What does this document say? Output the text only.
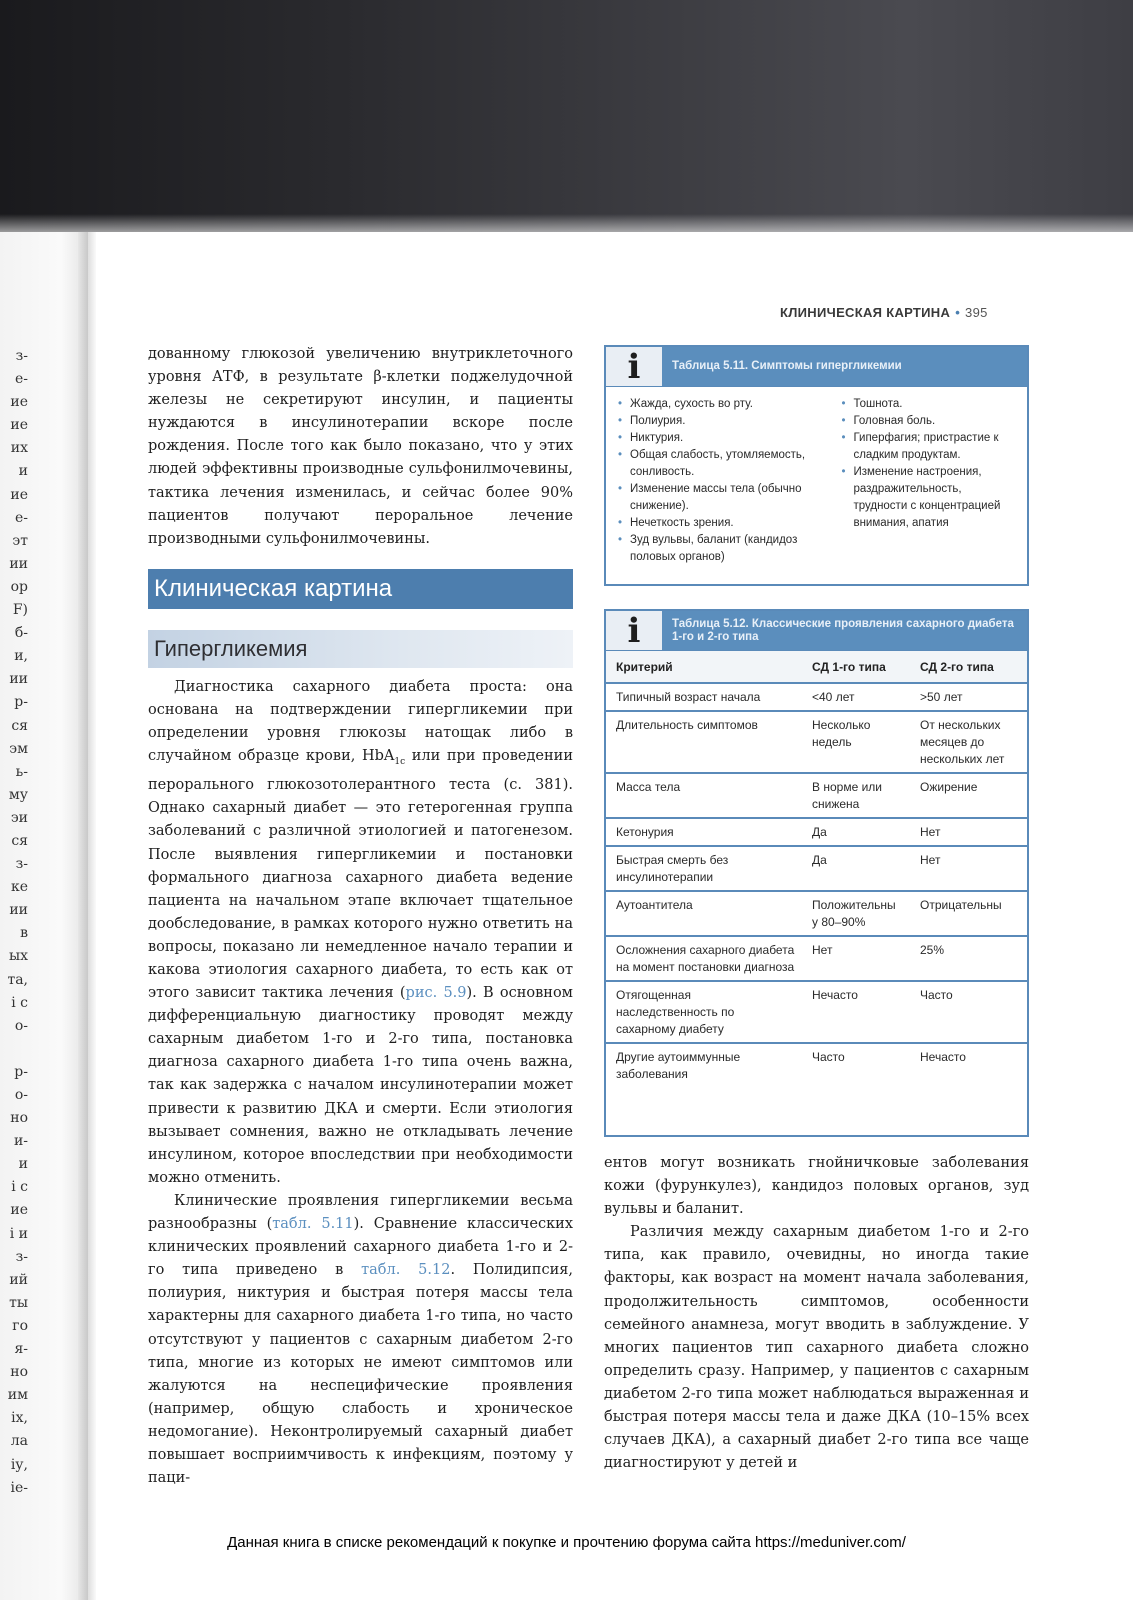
з-
е-
ие
ие
их
и
ие
е-
эт
ии
ор
F)
б-
и,
ии
р-
ся
эм
ь-
му
эи
ся
з-
ке
ии
в
ых
та,
і с
о-
р-
о-
но
и-
и
і с
ие
і и
з-
ий
ты
го
я-
но
им
іх,
ла
іу,
іе-
КЛИНИЧЕСКАЯ КАРТИНА • 395

дованному глюкозой увеличению внутриклеточного уровня АТФ, в результате β-клетки поджелудочной железы не секретируют инсулин, и пациенты нуждаются в инсулинотерапии вскоре после рождения. После того как было показано, что у этих людей эффективны производные сульфонилмочевины, тактика лечения изменилась, и сейчас более 90% пациентов получают пероральное лечение производными сульфонилмочевины.

Клиническая картина
Гипергликемия

Диагностика сахарного диабета проста: она основана на подтверждении гипергликемии при определении уровня глюкозы натощак либо в случайном образце крови, HbA$_{1c}$ или при проведении перорального глюкозотолерантного теста (с. 381). Однако сахарный диабет — это гетерогенная группа заболеваний с различной этиологией и патогенезом. После выявления гипергликемии и постановки формального диагноза сахарного диабета ведение пациента на начальном этапе включает тщательное дообследование, в рамках которого нужно ответить на вопросы, показано ли немедленное начало терапии и какова этиология сахарного диабета, то есть как от этого зависит тактика лечения (рис. 5.9). В основном дифференциальную диагностику проводят между сахарным диабетом 1-го и 2-го типа, постановка диагноза сахарного диабета 1-го типа очень важна, так как задержка с началом инсулинотерапии может привести к развитию ДКА и смерти. Если этиология вызывает сомнения, важно не откладывать лечение инсулином, которое впоследствии при необходимости можно отменить.

Клинические проявления гипергликемии весьма разнообразны (табл. 5.11). Сравнение классических клинических проявлений сахарного диабета 1-го и 2-го типа приведено в табл. 5.12. Полидипсия, полиурия, никтурия и быстрая потеря массы тела характерны для сахарного диабета 1-го типа, но часто отсутствуют у пациентов с сахарным диабетом 2-го типа, многие из которых не имеют симптомов или жалуются на неспецифические проявления (например, общую слабость и хроническое недомогание). Неконтролируемый сахарный диабет повышает восприимчивость к инфекциям, поэтому у паци-

i	Таблица 5.11. Симптомы гипергликемии
• Жажда, сухость во рту.
• Полиурия.
• Никтурия.
• Общая слабость, утомляемость, сонливость.
• Изменение массы тела (обычно снижение).
• Нечеткость зрения.
• Зуд вульвы, баланит (кандидоз половых органов)
• Тошнота.
• Головная боль.
• Гиперфагия; пристрастие к сладким продуктам.
• Изменение настроения, раздражительность, трудности с концентрацией внимания, апатия
i	Таблица 5.12. Классические проявления сахарного диабета 1-го и 2-го типа
Критерий	СД 1-го типа	СД 2-го типа
Типичный возраст начала	<40 лет	>50 лет
Длительность симптомов	Несколько недель	От нескольких месяцев до нескольких лет
Масса тела	В норме или снижена	Ожирение
Кетонурия	Да	Нет
Быстрая смерть без инсулинотерапии	Да	Нет
Аутоантитела	Положительны у 80–90%	Отрицательны
Осложнения сахарного диабета на момент постановки диагноза	Нет	25%
Отягощенная наследственность по сахарному диабету	Нечасто	Часто
Другие аутоиммунные заболевания	Часто	Нечасто

ентов могут возникать гнойничковые заболевания кожи (фурункулез), кандидоз половых органов, зуд вульвы и баланит.

Различия между сахарным диабетом 1-го и 2-го типа, как правило, очевидны, но иногда такие факторы, как возраст на момент начала заболевания, продолжительность симптомов, особенности семейного анамнеза, могут вводить в заблуждение. У многих пациентов тип сахарного диабета сложно определить сразу. Например, у пациентов с сахарным диабетом 2-го типа может наблюдаться выраженная и быстрая потеря массы тела и даже ДКА (10–15% всех случаев ДКА), а сахарный диабет 2-го типа все чаще диагностируют у детей и

Данная книга в списке рекомендаций к покупке и прочтению форума сайта https://meduniver.com/
